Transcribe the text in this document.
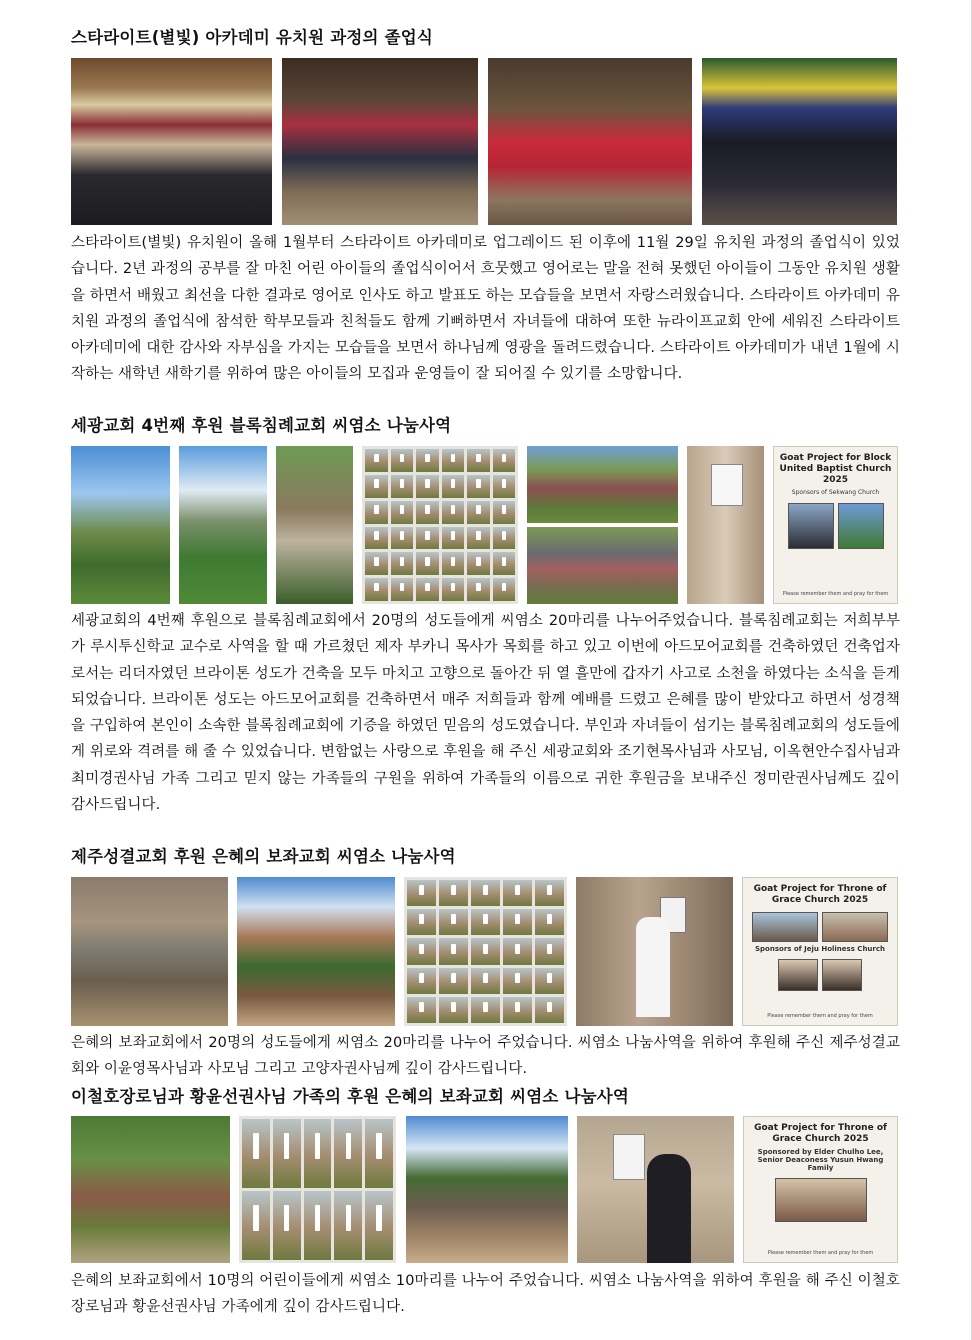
스타라이트(별빛) 아카데미 유치원 과정의 졸업식
스타라이트(별빛) 유치원이 올해 1월부터 스타라이트 아카데미로 업그레이드 된 이후에 11월 29일 유치원 과정의 졸업식이 있었습니다. 2년 과정의 공부를 잘 마친 어린 아이들의 졸업식이어서 흐뭇했고 영어로는 말을 전혀 못했던 아이들이 그동안 유치원 생활을 하면서 배웠고 최선을 다한 결과로 영어로 인사도 하고 발표도 하는 모습들을 보면서 자랑스러웠습니다. 스타라이트 아카데미 유치원 과정의 졸업식에 참석한 학부모들과 친척들도 함께 기뻐하면서 자녀들에 대하여 또한 뉴라이프교회 안에 세워진 스타라이트 아카데미에 대한 감사와 자부심을 가지는 모습들을 보면서 하나님께 영광을 돌려드렸습니다. 스타라이트 아카데미가 내년 1월에 시작하는 새학년 새학기를 위하여 많은 아이들의 모집과 운영들이 잘 되어질 수 있기를 소망합니다.
세광교회 4번째 후원 블록침례교회 씨염소 나눔사역
Goat Project for Block United Baptist Church 2025
Sponsors of Sekwang Church
Please remember them and pray for them
세광교회의 4번째 후원으로 블록침례교회에서 20명의 성도들에게 씨염소 20마리를 나누어주었습니다. 블록침례교회는 저희부부가 루시투신학교 교수로 사역을 할 때 가르쳤던 제자 부카니 목사가 목회를 하고 있고 이번에 아드모어교회를 건축하였던 건축업자로서는 리더자였던 브라이톤 성도가 건축을 모두 마치고 고향으로 돌아간 뒤 열 흘만에 갑자기 사고로 소천을 하였다는 소식을 듣게 되었습니다. 브라이톤 성도는 아드모어교회를 건축하면서 매주 저희들과 함께 예배를 드렸고 은혜를 많이 받았다고 하면서 성경책을 구입하여 본인이 소속한 블록침례교회에 기증을 하였던 믿음의 성도였습니다. 부인과 자녀들이 섬기는 블록침례교회의 성도들에게 위로와 격려를 해 줄 수 있었습니다. 변함없는 사랑으로 후원을 해 주신 세광교회와 조기현목사님과 사모님, 이옥현안수집사님과 최미경권사님 가족 그리고 믿지 않는 가족들의 구원을 위하여 가족들의 이름으로 귀한 후원금을 보내주신 정미란권사님께도 깊이 감사드립니다.
제주성결교회 후원 은혜의 보좌교회 씨염소 나눔사역
Goat Project for Throne of Grace Church 2025
Sponsors of Jeju Holiness Church
Please remember them and pray for them
은혜의 보좌교회에서 20명의 성도들에게 씨염소 20마리를 나누어 주었습니다. 씨염소 나눔사역을 위하여 후원해 주신 제주성결교회와 이윤영목사님과 사모님 그리고 고양자권사님께 깊이 감사드립니다.
이철호장로님과 황윤선권사님 가족의 후원 은혜의 보좌교회 씨염소 나눔사역
Goat Project for Throne of Grace Church 2025
Sponsored by Elder Chulho Lee, Senior Deaconess Yusun Hwang Family
Please remember them and pray for them
은혜의 보좌교회에서 10명의 어린이들에게 씨염소 10마리를 나누어 주었습니다. 씨염소 나눔사역을 위하여 후원을 해 주신 이철호장로님과 황윤선권사님 가족에게 깊이 감사드립니다.
